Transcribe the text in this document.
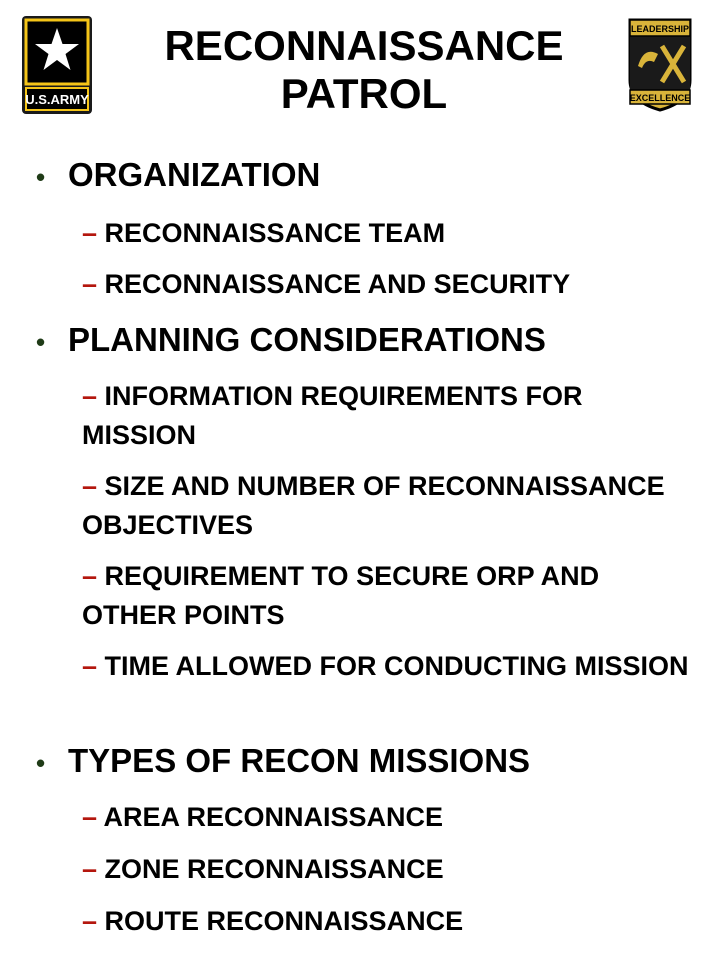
U.S.ARMY
RECONNAISSANCE
PATROL
LEADERSHIP
EXCELLENCE
• ORGANIZATION
– RECONNAISSANCE TEAM
– RECONNAISSANCE AND SECURITY
• PLANNING CONSIDERATIONS
– INFORMATION REQUIREMENTS FOR MISSION
– SIZE AND NUMBER OF RECONNAISSANCE OBJECTIVES
– REQUIREMENT TO SECURE ORP AND OTHER POINTS
– TIME ALLOWED FOR CONDUCTING MISSION
• TYPES OF RECON MISSIONS
– AREA RECONNAISSANCE
– ZONE RECONNAISSANCE
– ROUTE RECONNAISSANCE
